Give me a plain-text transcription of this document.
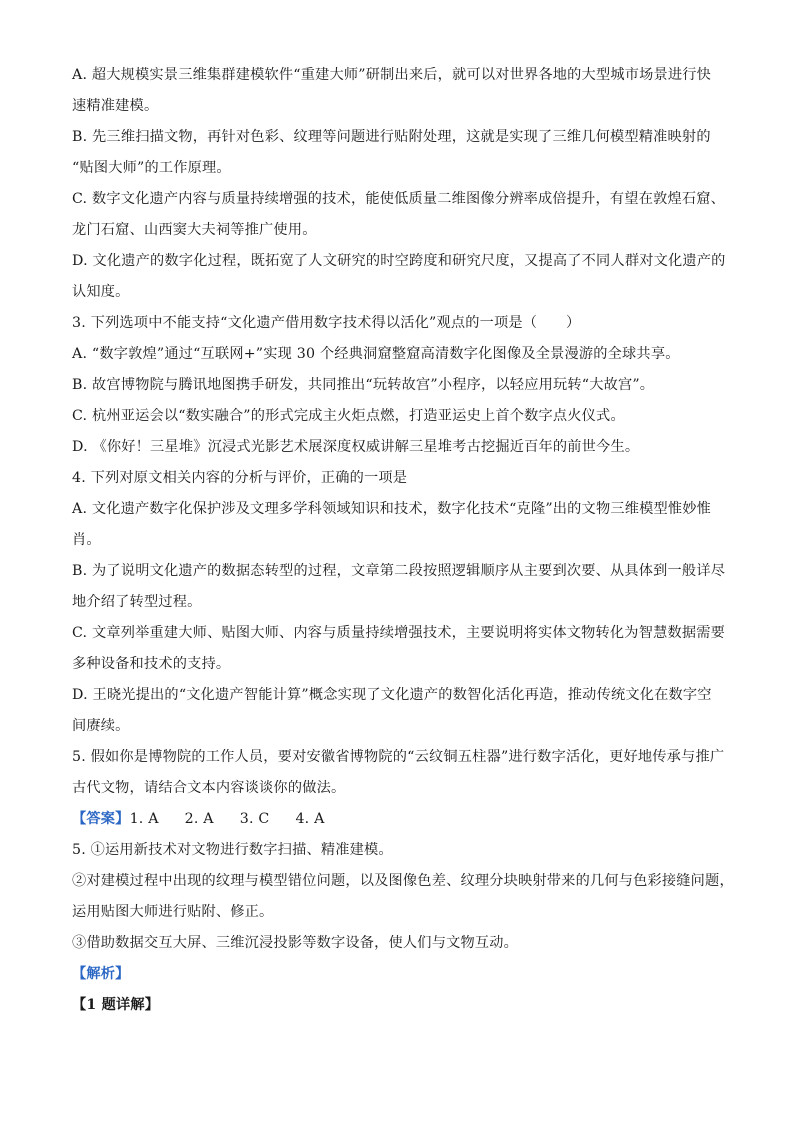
A. 超大规模实景三维集群建模软件“重建大师”研制出来后，就可以对世界各地的大型城市场景进行快
速精准建模。
B. 先三维扫描文物，再针对色彩、纹理等问题进行贴附处理，这就是实现了三维几何模型精准映射的
“贴图大师”的工作原理。
C. 数字文化遗产内容与质量持续增强的技术，能使低质量二维图像分辨率成倍提升，有望在敦煌石窟、
龙门石窟、山西窦大夫祠等推广使用。
D. 文化遗产的数字化过程，既拓宽了人文研究的时空跨度和研究尺度，又提高了不同人群对文化遗产的
认知度。
3. 下列选项中不能支持“文化遗产借用数字技术得以活化”观点的一项是（　　）
A. “数字敦煌”通过“互联网+”实现 30 个经典洞窟整窟高清数字化图像及全景漫游的全球共享。
B. 故宫博物院与腾讯地图携手研发，共同推出“玩转故宫”小程序，以轻应用玩转“大故宫”。
C. 杭州亚运会以“数实融合”的形式完成主火炬点燃，打造亚运史上首个数字点火仪式。
D. 《你好！三星堆》沉浸式光影艺术展深度权威讲解三星堆考古挖掘近百年的前世今生。
4. 下列对原文相关内容的分析与评价，正确的一项是
A. 文化遗产数字化保护涉及文理多学科领域知识和技术，数字化技术“克隆”出的文物三维模型惟妙惟
肖。
B. 为了说明文化遗产的数据态转型的过程，文章第二段按照逻辑顺序从主要到次要、从具体到一般详尽
地介绍了转型过程。
C. 文章列举重建大师、贴图大师、内容与质量持续增强技术，主要说明将实体文物转化为智慧数据需要
多种设备和技术的支持。
D. 王晓光提出的“文化遗产智能计算”概念实现了文化遗产的数智化活化再造，推动传统文化在数字空
间赓续。
5. 假如你是博物院的工作人员，要对安徽省博物院的“云纹铜五柱器”进行数字活化，更好地传承与推广
古代文物，请结合文本内容谈谈你的做法。
【答案】1. A 2. A 3. C 4. A
5. ①运用新技术对文物进行数字扫描、精准建模。
②对建模过程中出现的纹理与模型错位问题，以及图像色差、纹理分块映射带来的几何与色彩接缝问题，
运用贴图大师进行贴附、修正。
③借助数据交互大屏、三维沉浸投影等数字设备，使人们与文物互动。
【解析】
【1 题详解】
